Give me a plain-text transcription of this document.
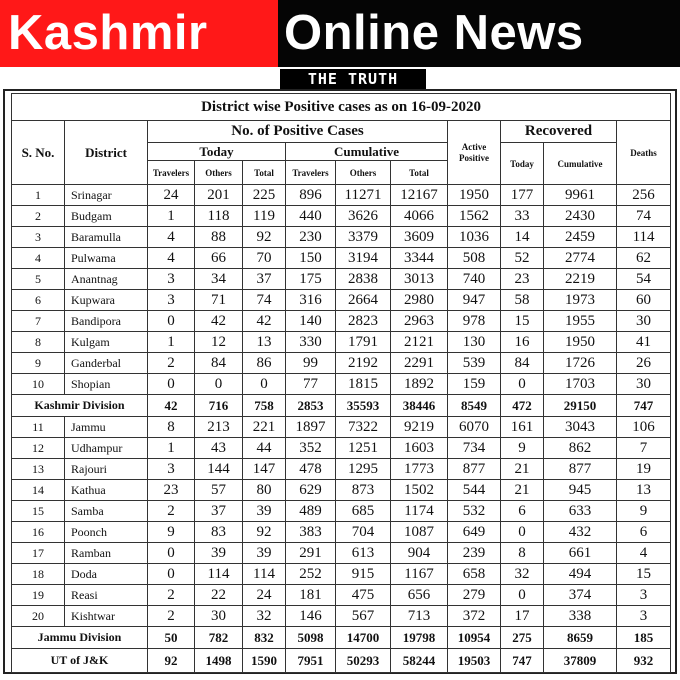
Kashmir	Online News
THE TRUTH
District wise Positive cases as on 16-09-2020											
S. No.	District	No. of Positive Cases						Active Positive	Recovered		Deaths
		Today			Cumulative				Today	Cumulative	
		Travelers	Others	Total	Travelers	Others	Total				
1	Srinagar	24	201	225	896	11271	12167	1950	177	9961	256
2	Budgam	1	118	119	440	3626	4066	1562	33	2430	74
3	Baramulla	4	88	92	230	3379	3609	1036	14	2459	114
4	Pulwama	4	66	70	150	3194	3344	508	52	2774	62
5	Anantnag	3	34	37	175	2838	3013	740	23	2219	54
6	Kupwara	3	71	74	316	2664	2980	947	58	1973	60
7	Bandipora	0	42	42	140	2823	2963	978	15	1955	30
8	Kulgam	1	12	13	330	1791	2121	130	16	1950	41
9	Ganderbal	2	84	86	99	2192	2291	539	84	1726	26
10	Shopian	0	0	0	77	1815	1892	159	0	1703	30
Kashmir Division		42	716	758	2853	35593	38446	8549	472	29150	747
11	Jammu	8	213	221	1897	7322	9219	6070	161	3043	106
12	Udhampur	1	43	44	352	1251	1603	734	9	862	7
13	Rajouri	3	144	147	478	1295	1773	877	21	877	19
14	Kathua	23	57	80	629	873	1502	544	21	945	13
15	Samba	2	37	39	489	685	1174	532	6	633	9
16	Poonch	9	83	92	383	704	1087	649	0	432	6
17	Ramban	0	39	39	291	613	904	239	8	661	4
18	Doda	0	114	114	252	915	1167	658	32	494	15
19	Reasi	2	22	24	181	475	656	279	0	374	3
20	Kishtwar	2	30	32	146	567	713	372	17	338	3
Jammu Division		50	782	832	5098	14700	19798	10954	275	8659	185
UT of J&K		92	1498	1590	7951	50293	58244	19503	747	37809	932
